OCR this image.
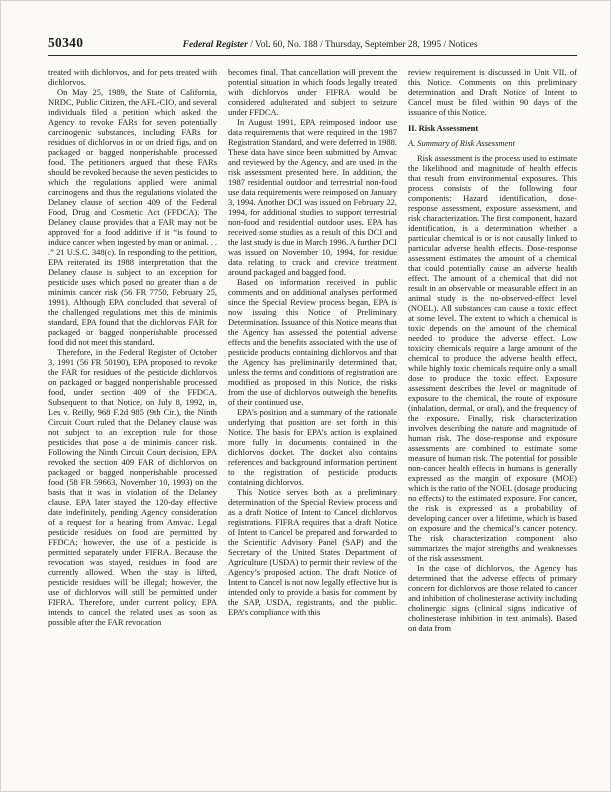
50340	Federal Register / Vol. 60, No. 188 / Thursday, September 28, 1995 / Notices

treated with dichlorvos, and for pets treated with dichlorvos.

On May 25, 1989, the State of California, NRDC, Public Citizen, the AFL-CIO, and several individuals filed a petition which asked the Agency to revoke FARs for seven potentially carcinogenic substances, including FARs for residues of dichlorvos in or on dried figs, and on packaged or bagged nonperishable processed food. The petitioners argued that these FARs should be revoked because the seven pesticides to which the regulations applied were animal carcinogens and thus the regulations violated the Delaney clause of section 409 of the Federal Food, Drug and Cosmetic Act (FFDCA). The Delaney clause provides that a FAR may not be approved for a food additive if it “is found to induce cancer when ingested by man or animal. . . .” 21 U.S.C. 348(c). In responding to the petition, EPA reiterated its 1988 interpretation that the Delaney clause is subject to an exception for pesticide uses which posed no greater than a de minimis cancer risk (56 FR 7750, February 25, 1991). Although EPA concluded that several of the challenged regulations met this de minimis standard, EPA found that the dichlorvos FAR for packaged or bagged nonperishable processed food did not meet this standard.

Therefore, in the Federal Register of October 3, 1991 (56 FR 50190), EPA proposed to revoke the FAR for residues of the pesticide dichlorvos on packaged or bagged nonperishable processed food, under section 409 of the FFDCA. Subsequent to that Notice, on July 8, 1992, in, Les v. Reilly, 968 F.2d 985 (9th Cir.), the Ninth Circuit Court ruled that the Delaney clause was not subject to an exception rule for those pesticides that pose a de minimis cancer risk. Following the Ninth Circuit Court decision, EPA revoked the section 409 FAR of dichlorvos on packaged or bagged nonperishable processed food (58 FR 59663, November 10, 1993) on the basis that it was in violation of the Delaney clause. EPA later stayed the 120-day effective date indefinitely, pending Agency consideration of a request for a hearing from Amvac. Legal pesticide residues on food are permitted by FFDCA; however, the use of a pesticide is permitted separately under FIFRA. Because the revocation was stayed, residues in food are currently allowed. When the stay is lifted, pesticide residues will be illegal; however, the use of dichlorvos will still be permitted under FIFRA. Therefore, under current policy, EPA intends to cancel the related uses as soon as possible after the FAR revocation

becomes final. That cancellation will prevent the potential situation in which foods legally treated with dichlorvos under FIFRA would be considered adulterated and subject to seizure under FFDCA.

In August 1991, EPA reimposed indoor use data requirements that were required in the 1987 Registration Standard, and were deferred in 1988. These data have since been submitted by Amvac and reviewed by the Agency, and are used in the risk assessment presented here. In addition, the 1987 residential outdoor and terrestrial non-food use data requirements were reimposed on January 3, 1994. Another DCI was issued on February 22, 1994, for additional studies to support terrestrial non-food and residential outdoor uses. EPA has received some studies as a result of this DCI and the last study is due in March 1996. A further DCI was issued on November 10, 1994, for residue data relating to crack and crevice treatment around packaged and bagged food.

Based on information received in public comments and on additional analyses performed since the Special Review process began, EPA is now issuing this Notice of Preliminary Determination. Issuance of this Notice means that the Agency has assessed the potential adverse effects and the benefits associated with the use of pesticide products containing dichlorvos and that the Agency has preliminarily determined that, unless the terms and conditions of registration are modified as proposed in this Notice, the risks from the use of dichlorvos outweigh the benefits of their continued use.

EPA’s position and a summary of the rationale underlying that position are set forth in this Notice. The basis for EPA’s action is explained more fully in documents contained in the dichlorvos docket. The docket also contains references and background information pertinent to the registration of pesticide products containing dichlorvos.

This Notice serves both as a preliminary determination of the Special Review process and as a draft Notice of Intent to Cancel dichlorvos registrations. FIFRA requires that a draft Notice of Intent to Cancel be prepared and forwarded to the Scientific Advisory Panel (SAP) and the Secretary of the United States Department of Agriculture (USDA) to permit their review of the Agency’s proposed action. The draft Notice of Intent to Cancel is not now legally effective but is intended only to provide a basis for comment by the SAP, USDA, registrants, and the public. EPA’s compliance with this

review requirement is discussed in Unit VII. of this Notice. Comments on this preliminary determination and Draft Notice of Intent to Cancel must be filed within 90 days of the issuance of this Notice.

II. Risk Assessment

A. Summary of Risk Assessment

Risk assessment is the process used to estimate the likelihood and magnitude of health effects that result from environmental exposures. This process consists of the following four components: Hazard identification, dose-response assessment, exposure assessment, and risk characterization. The first component, hazard identification, is a determination whether a particular chemical is or is not causally linked to particular adverse health effects. Dose-response assessment estimates the amount of a chemical that could potentially cause an adverse health effect. The amount of a chemical that did not result in an observable or measurable effect in an animal study is the no-observed-effect level (NOEL). All substances can cause a toxic effect at some level. The extent to which a chemical is toxic depends on the amount of the chemical needed to produce the adverse effect. Low toxicity chemicals require a large amount of the chemical to produce the adverse health effect, while highly toxic chemicals require only a small dose to produce the toxic effect. Exposure assessment describes the level or magnitude of exposure to the chemical, the route of exposure (inhalation, dermal, or oral), and the frequency of the exposure. Finally, risk characterization involves describing the nature and magnitude of human risk. The dose-response and exposure assessments are combined to estimate some measure of human risk. The potential for possible non-cancer health effects in humans is generally expressed as the margin of exposure (MOE) which is the ratio of the NOEL (dosage producing no effects) to the estimated exposure. For cancer, the risk is expressed as a probability of developing cancer over a lifetime, which is based on exposure and the chemical’s cancer potency. The risk characterization component also summarizes the major strengths and weaknesses of the risk assessment.

In the case of dichlorvos, the Agency has determined that the adverse effects of primary concern for dichlorvos are those related to cancer and inhibition of cholinesterase activity including cholinergic signs (clinical signs indicative of cholinesterase inhibition in test animals). Based on data from
